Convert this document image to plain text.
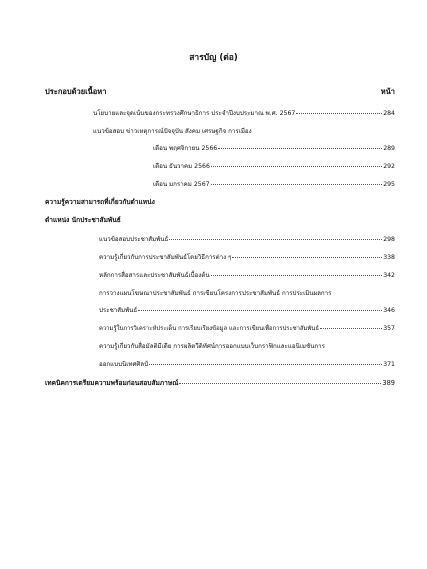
สารบัญ (ต่อ)
ประกอบด้วยเนื้อหา	หน้า
นโยบายและจุดเน้นของกระทรวงศึกษาธิการ ประจำปีงบประมาณ พ.ศ. 2567	284
แนวข้อสอบ ข่าวเหตุการณ์ปัจจุบัน สังคม เศรษฐกิจ การเมือง
เดือน พฤศจิกายน 2566	289
เดือน ธันวาคม 2566	292
เดือน มกราคม 2567	295
ความรู้ความสามารถที่เกี่ยวกับตำแหน่ง
ตำแหน่ง นักประชาสัมพันธ์
แนวข้อสอบประชาสัมพันธ์	298
ความรู้เกี่ยวกับการประชาสัมพันธ์โดยวิธีการต่าง ๆ	338
หลักการสื่อสารและประชาสัมพันธ์เบื้องต้น	342
การวางแผนโฆษณาประชาสัมพันธ์ การเขียนโครงการประชาสัมพันธ์ การประเมินผลการ
ประชาสัมพันธ์	346
ความรู้ในการวิเคราะห์ประเด็น การเรียบเรียงข้อมูล และการเขียนเพื่อการประชาสัมพันธ์	357
ความรู้เกี่ยวกับสื่อมัลติมีเดีย การผลิตวีดิทัศน์การออกแบบเว็บกราฟิกและแอนิเมชันการ
ออกแบบนิเทศศิลป์	371
เทคนิคการเตรียมความพร้อมก่อนสอบสัมภาษณ์	389
